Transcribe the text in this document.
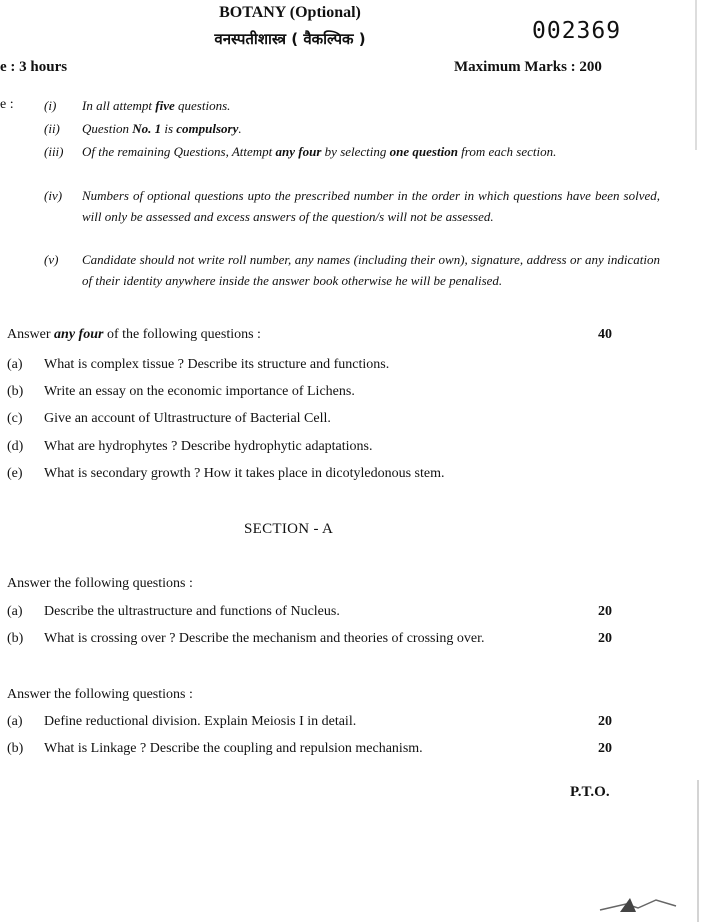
BOTANY (Optional)
वनस्पतीशास्त्र ( वैकल्पिक )	002369
e : 3 hours	Maximum Marks : 200
e : (i)	In all attempt five questions.
(ii)	Question No. 1 is compulsory.
(iii)	Of the remaining Questions, Attempt any four by selecting one question from each section.
(iv)	Numbers of optional questions upto the prescribed number in the order in which questions have been solved, will only be assessed and excess answers of the question/s will not be assessed.
(v)	Candidate should not write roll number, any names (including their own), signature, address or any indication of their identity anywhere inside the answer book otherwise he will be penalised.
Answer any four of the following questions :	40
(a)	What is complex tissue ? Describe its structure and functions.
(b)	Write an essay on the economic importance of Lichens.
(c)	Give an account of Ultrastructure of Bacterial Cell.
(d)	What are hydrophytes ? Describe hydrophytic adaptations.
(e)	What is secondary growth ? How it takes place in dicotyledonous stem.
SECTION - A
Answer the following questions :
(a)	Describe the ultrastructure and functions of Nucleus.	20
(b)	What is crossing over ? Describe the mechanism and theories of crossing over.	20
Answer the following questions :
(a)	Define reductional division. Explain Meiosis I in detail.	20
(b)	What is Linkage ? Describe the coupling and repulsion mechanism.	20
P.T.O.
